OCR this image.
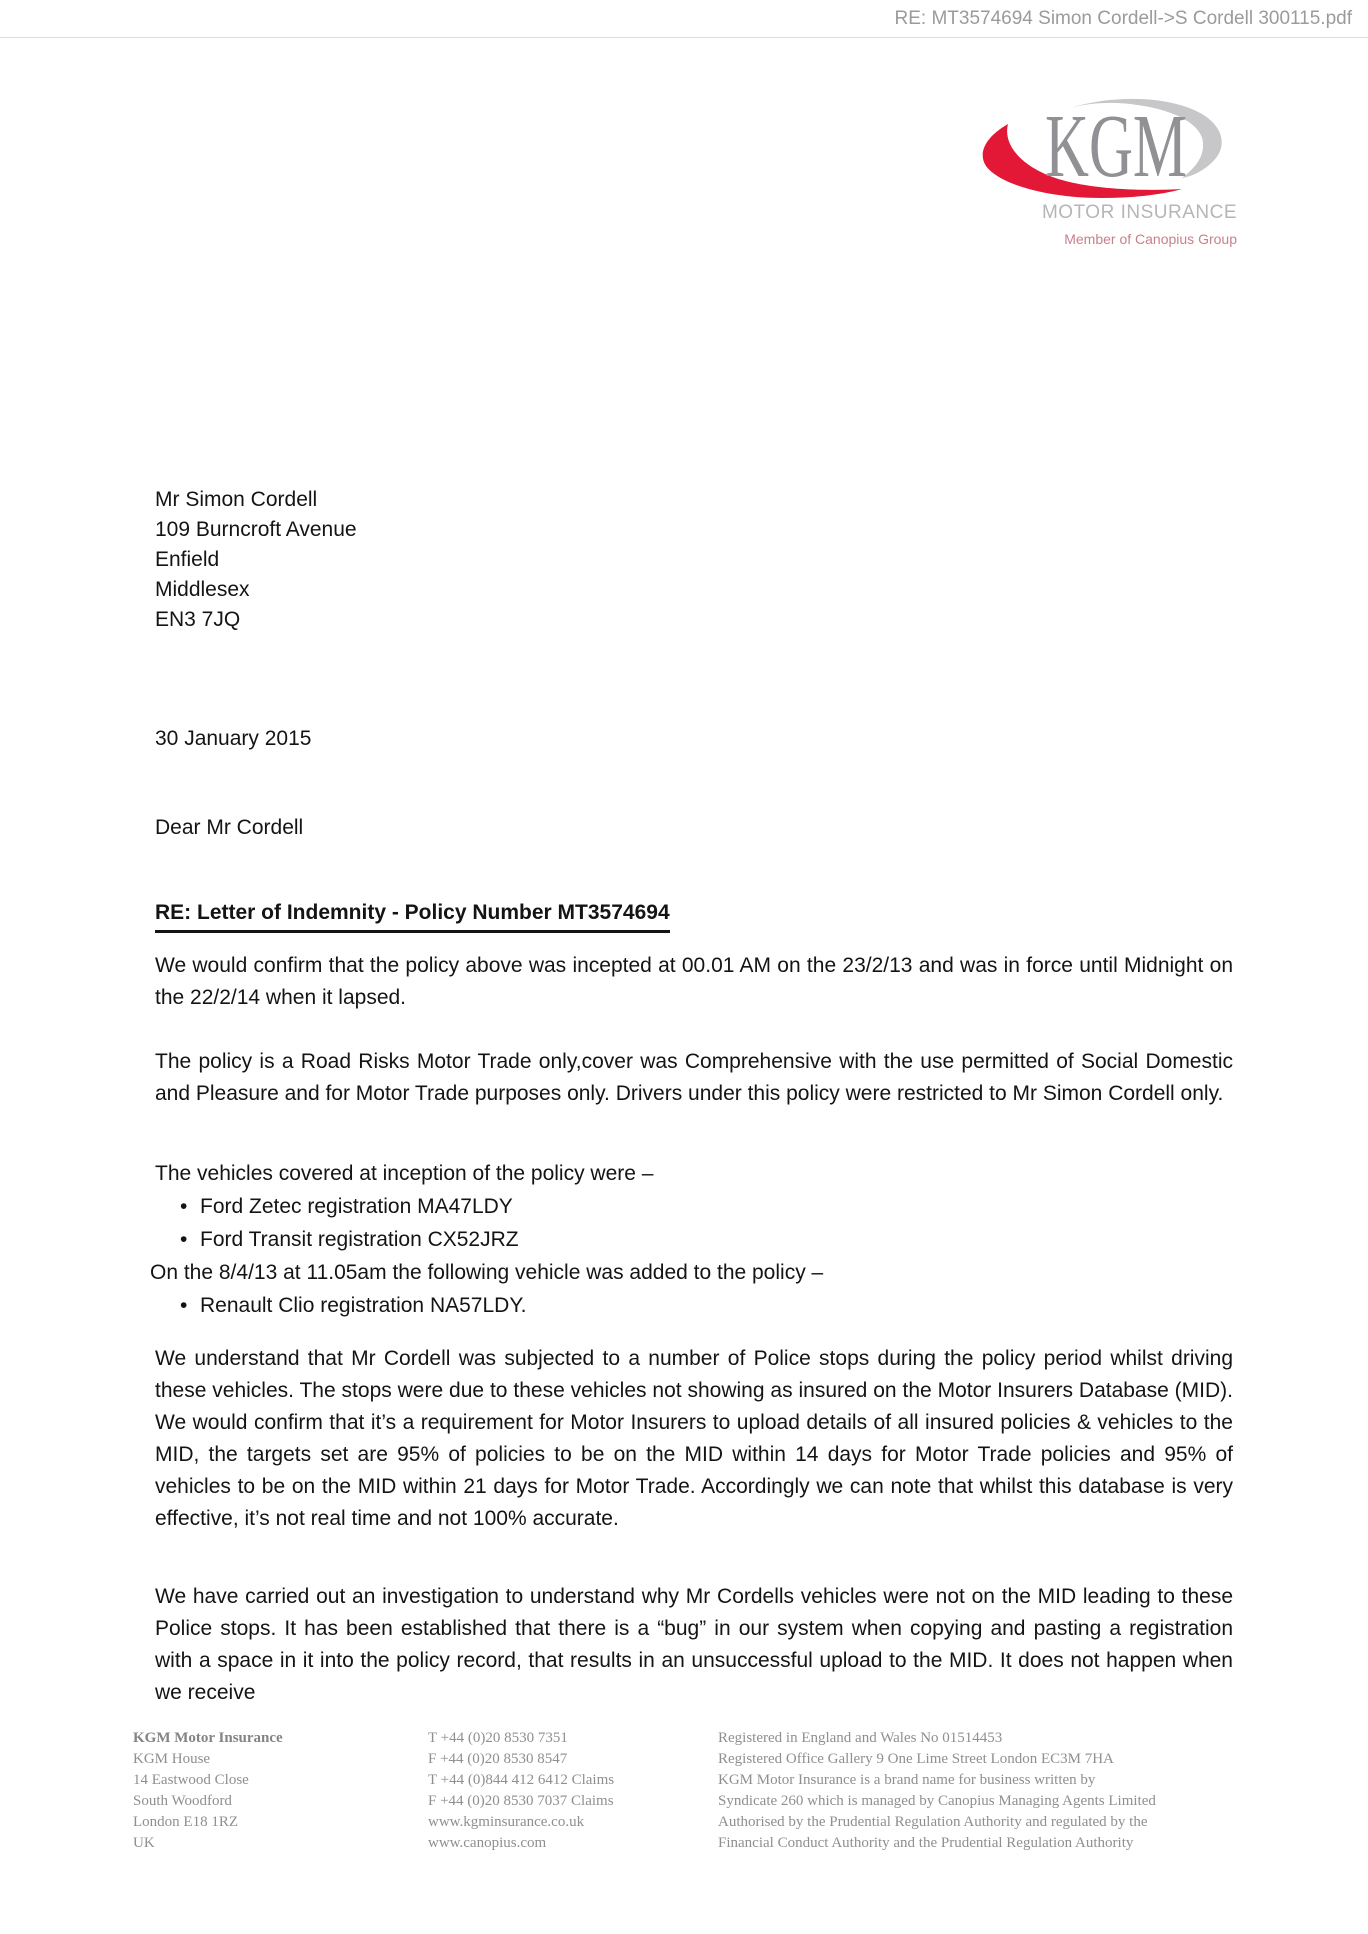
RE: MT3574694 Simon Cordell->S Cordell 300115.pdf
KGM
MOTOR INSURANCE
Member of Canopius Group
Mr Simon Cordell
109 Burncroft Avenue
Enfield
Middlesex
EN3 7JQ
30 January 2015
Dear Mr Cordell
RE: Letter of Indemnity - Policy Number MT3574694
We would confirm that the policy above was incepted at 00.01 AM on the 23/2/13 and was in force until Midnight on the 22/2/14 when it lapsed.
The policy is a Road Risks Motor Trade only,cover was Comprehensive with the use permitted of Social Domestic and Pleasure and for Motor Trade purposes only. Drivers under this policy were restricted to Mr Simon Cordell only.
The vehicles covered at inception of the policy were –
• Ford Zetec registration MA47LDY
• Ford Transit registration CX52JRZ
On the 8/4/13 at 11.05am the following vehicle was added to the policy –
• Renault Clio registration NA57LDY.
We understand that Mr Cordell was subjected to a number of Police stops during the policy period whilst driving these vehicles. The stops were due to these vehicles not showing as insured on the Motor Insurers Database (MID). We would confirm that it’s a requirement for Motor Insurers to upload details of all insured policies & vehicles to the MID, the targets set are 95% of policies to be on the MID within 14 days for Motor Trade policies and 95% of vehicles to be on the MID within 21 days for Motor Trade. Accordingly we can note that whilst this database is very effective, it’s not real time and not 100% accurate.
We have carried out an investigation to understand why Mr Cordells vehicles were not on the MID leading to these Police stops. It has been established that there is a “bug” in our system when copying and pasting a registration with a space in it into the policy record, that results in an unsuccessful upload to the MID. It does not happen when we receive
KGM Motor Insurance
KGM House
14 Eastwood Close
South Woodford
London E18 1RZ
UK
T +44 (0)20 8530 7351
F +44 (0)20 8530 8547
T +44 (0)844 412 6412 Claims
F +44 (0)20 8530 7037 Claims
www.kgminsurance.co.uk
www.canopius.com
Registered in England and Wales No 01514453
Registered Office Gallery 9 One Lime Street London EC3M 7HA
KGM Motor Insurance is a brand name for business written by
Syndicate 260 which is managed by Canopius Managing Agents Limited
Authorised by the Prudential Regulation Authority and regulated by the
Financial Conduct Authority and the Prudential Regulation Authority
